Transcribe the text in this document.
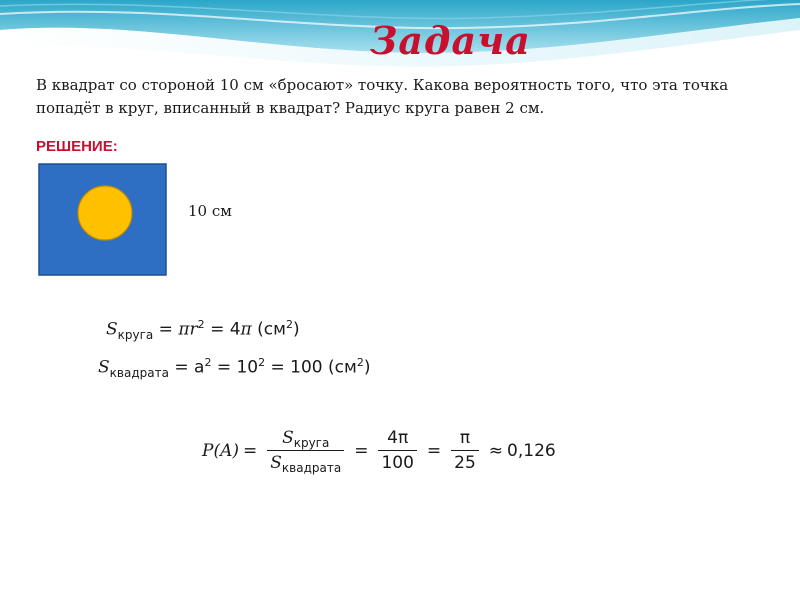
Задача
В квадрат со стороной 10 см «бросают» точку. Какова вероятность того, что эта точка попадёт в круг, вписанный в квадрат? Радиус круга равен 2 см.
РЕШЕНИЕ:
10 см
$S_{круга} = \pi r^2 = 4\pi$ $(см^2)$
$S_{квадрата} = a^2 = 10^2 = 100$ $(см^2)$
$P(A) = \frac{S_{круга}}{S_{квадрата}} = \frac{4\pi}{100} = \frac{\pi}{25} \approx 0,126$
